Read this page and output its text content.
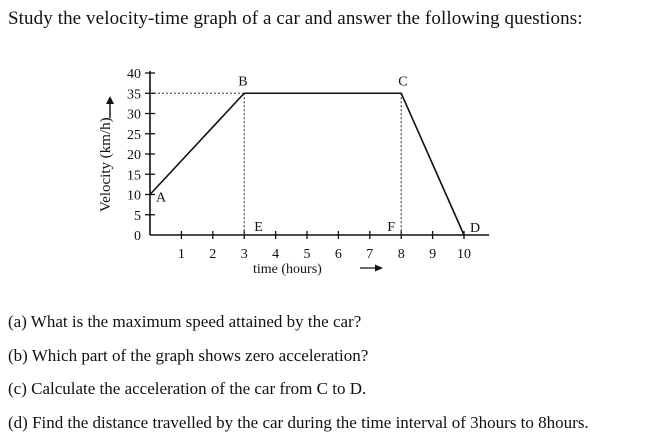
Study the velocity-time graph of a car and answer the following questions:
0
5
10
15
20
25
30
35
40
1 2 3 4 5 6 7 8 9 10
A
B	C
D
E	F
time (hours)
Velocity (km/h)
(a) What is the maximum speed attained by the car?
(b) Which part of the graph shows zero acceleration?
(c) Calculate the acceleration of the car from C to D.
(d) Find the distance travelled by the car during the time interval of 3hours to 8hours.
